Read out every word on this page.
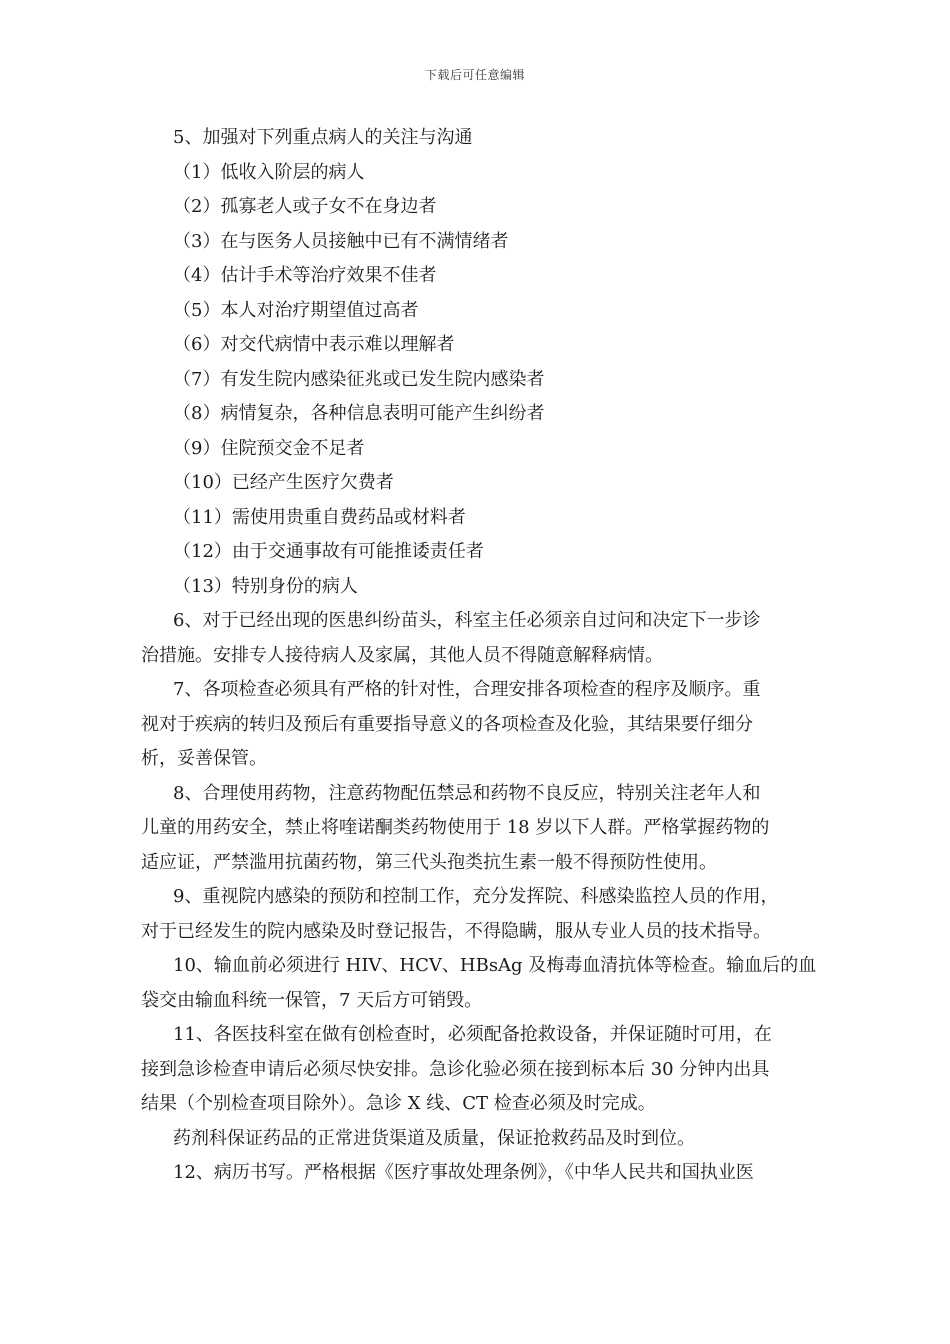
下载后可任意编辑
5、加强对下列重点病人的关注与沟通
（1）低收入阶层的病人
（2）孤寡老人或子女不在身边者
（3）在与医务人员接触中已有不满情绪者
（4）估计手术等治疗效果不佳者
（5）本人对治疗期望值过高者
（6）对交代病情中表示难以理解者
（7）有发生院内感染征兆或已发生院内感染者
（8）病情复杂，各种信息表明可能产生纠纷者
（9）住院预交金不足者
（10）已经产生医疗欠费者
（11）需使用贵重自费药品或材料者
（12）由于交通事故有可能推诿责任者
（13）特别身份的病人
6、对于已经出现的医患纠纷苗头，科室主任必须亲自过问和决定下一步诊
治措施。安排专人接待病人及家属，其他人员不得随意解释病情。
7、各项检查必须具有严格的针对性，合理安排各项检查的程序及顺序。重
视对于疾病的转归及预后有重要指导意义的各项检查及化验，其结果要仔细分
析，妥善保管。
8、合理使用药物，注意药物配伍禁忌和药物不良反应，特别关注老年人和
儿童的用药安全，禁止将喹诺酮类药物使用于 18 岁以下人群。严格掌握药物的
适应证，严禁滥用抗菌药物，第三代头孢类抗生素一般不得预防性使用。
9、重视院内感染的预防和控制工作，充分发挥院、科感染监控人员的作用，
对于已经发生的院内感染及时登记报告，不得隐瞒，服从专业人员的技术指导。
10、输血前必须进行 HIV、HCV、HBsAg 及梅毒血清抗体等检查。输血后的血
袋交由输血科统一保管，7 天后方可销毁。
11、各医技科室在做有创检查时，必须配备抢救设备，并保证随时可用，在
接到急诊检查申请后必须尽快安排。急诊化验必须在接到标本后 30 分钟内出具
结果（个别检查项目除外）。急诊 X 线、CT 检查必须及时完成。
药剂科保证药品的正常进货渠道及质量，保证抢救药品及时到位。
12、病历书写。严格根据《医疗事故处理条例》，《中华人民共和国执业医
